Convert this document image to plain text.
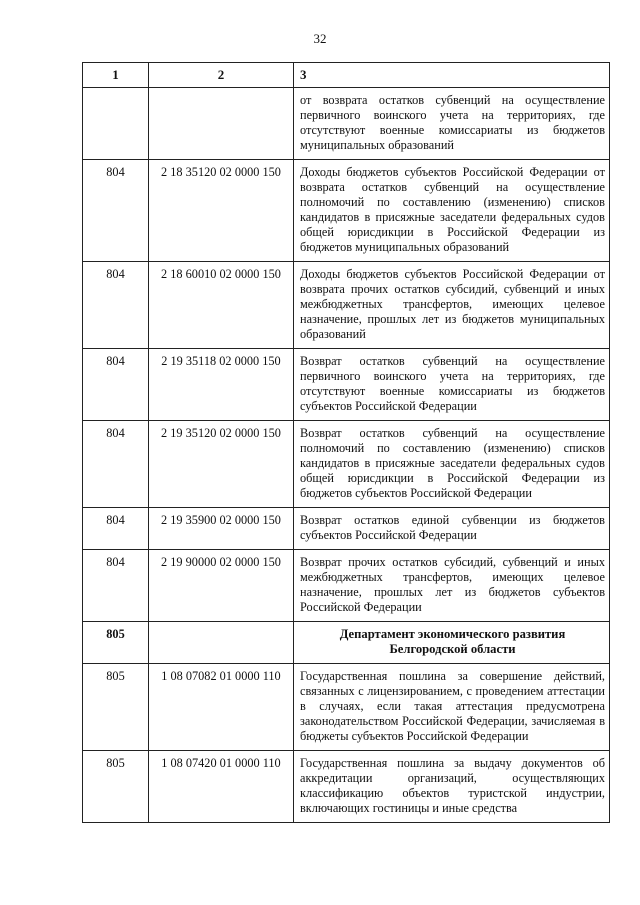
32
1	2	3
		от возврата остатков субвенций на осуществление первичного воинского учета на территориях, где отсутствуют военные комиссариаты из бюджетов муниципальных образований
804	2 18 35120 02 0000 150	Доходы бюджетов субъектов Российской Федерации от возврата остатков субвенций на осуществление полномочий по составлению (изменению) списков кандидатов в присяжные заседатели федеральных судов общей юрисдикции в Российской Федерации из бюджетов муниципальных образований
804	2 18 60010 02 0000 150	Доходы бюджетов субъектов Российской Федерации от возврата прочих остатков субсидий, субвенций и иных межбюджетных трансфертов, имеющих целевое назначение, прошлых лет из бюджетов муниципальных образований
804	2 19 35118 02 0000 150	Возврат остатков субвенций на осуществление первичного воинского учета на территориях, где отсутствуют военные комиссариаты из бюджетов субъектов Российской Федерации
804	2 19 35120 02 0000 150	Возврат остатков субвенций на осуществление полномочий по составлению (изменению) списков кандидатов в присяжные заседатели федеральных судов общей юрисдикции в Российской Федерации из бюджетов субъектов Российской Федерации
804	2 19 35900 02 0000 150	Возврат остатков единой субвенции из бюджетов субъектов Российской Федерации
804	2 19 90000 02 0000 150	Возврат прочих остатков субсидий, субвенций и иных межбюджетных трансфертов, имеющих целевое назначение, прошлых лет из бюджетов субъектов Российской Федерации
805		Департамент экономического развития Белгородской области
805	1 08 07082 01 0000 110	Государственная пошлина за совершение действий, связанных с лицензированием, с проведением аттестации в случаях, если такая аттестация предусмотрена законодательством Российской Федерации, зачисляемая в бюджеты субъектов Российской Федерации
805	1 08 07420 01 0000 110	Государственная пошлина за выдачу документов об аккредитации организаций, осуществляющих классификацию объектов туристской индустрии, включающих гостиницы и иные средства
